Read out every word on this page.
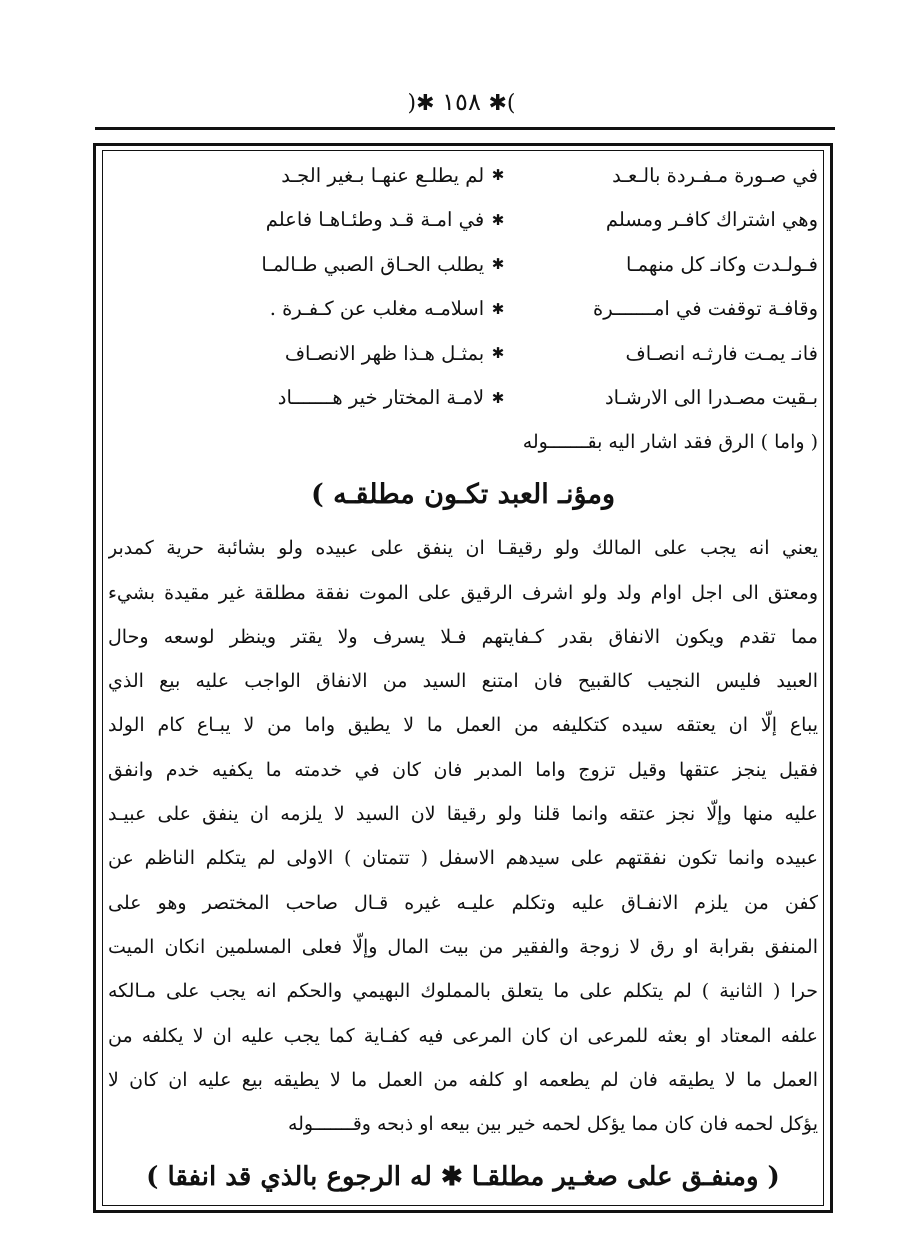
)✱ ١٥٨ ✱(
في صـورة مـفـردة بالـعـد
✱
لم يطلـع عنهـا بـغير الجـد
وهي اشتراك كافـر ومسلم
✱
في امـة قـد وطئـاهـا فاعلم
فـولـدت وكانـ كل منهمـا
✱
يطلب الحـاق الصبي طـالمـا
وقافـة توقفت في امـــــــرة
✱
اسلامـه مغلب عن كـفـرة .
فانـ يمـت فارثـه انصـاف
✱
بمثـل هـذا ظهر الانصـاف
بـقيت مصـدرا الى الارشـاد
✱
لامـة المختار خير هـــــــاد
( واما ) الرق فقد اشار اليه بقـــــــوله
ومؤنـ العبد تكـون مطلقـه )
يعني انه يجب على المالك ولو رقيقـا ان ينفق على عبيده ولو بشائبة حرية كمدبر
ومعتق الى اجل اوام ولد ولو اشرف الرقيق على الموت نفقة مطلقة غير مقيدة بشيء
مما تقدم ويكون الانفاق بقدر كـفايتهم فـلا يسرف ولا يقتر وينظر لوسعه وحال
العبيد فليس النجيب كالقبيح فان امتنع السيد من الانفاق الواجب عليه بيع الذي
يباع إلّا ان يعتقه سيده كتكليفه من العمل ما لا يطيق واما من لا يبـاع كام الولد
فقيل ينجز عتقها وقيل تزوج واما المدبر فان كان في خدمته ما يكفيه خدم وانفق
عليه منها وإلّا نجز عتقه وانما قلنا ولو رقيقا لان السيد لا يلزمه ان ينفق على عبيـد
عبيده وانما تكون نفقتهم على سيدهم الاسفل ( تتمتان ) الاولى لم يتكلم الناظم عن
كفن من يلزم الانفـاق عليه وتكلم عليـه غيره قـال صاحب المختصر وهو على
المنفق بقرابة او رق لا زوجة والفقير من بيت المال وإلّا فعلى المسلمين انكان الميت
حرا ( الثانية ) لم يتكلم على ما يتعلق بالمملوك البهيمي والحكم انه يجب على مـالكه
علفه المعتاد او بعثه للمرعى ان كان المرعى فيه كفـاية كما يجب عليه ان لا يكلفه من
العمل ما لا يطيقه فان لم يطعمه او كلفه من العمل ما لا يطيقه بيع عليه ان كان لا
يؤكل لحمه فان كان مما يؤكل لحمه خير بين بيعه او ذبحه وقـــــــوله
( ومنفـق على صغـير مطلقـا ✱ له الرجوع بالذي قد انفقا )
